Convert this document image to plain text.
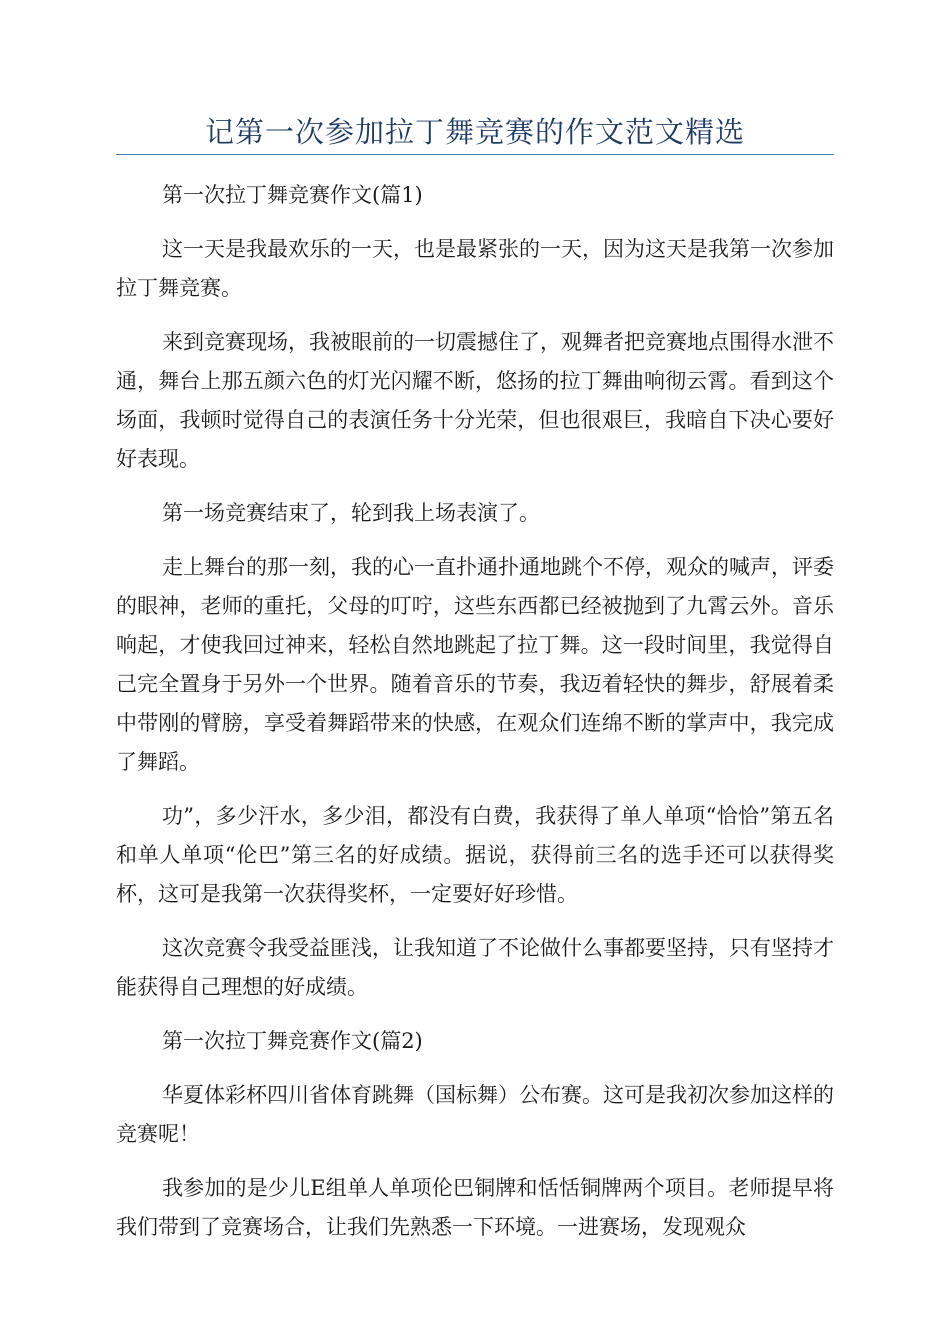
记第一次参加拉丁舞竞赛的作文范文精选

第一次拉丁舞竞赛作文(篇1)

这一天是我最欢乐的一天，也是最紧张的一天，因为这天是我第一次参加拉丁舞竞赛。

来到竞赛现场，我被眼前的一切震撼住了，观舞者把竞赛地点围得水泄不通，舞台上那五颜六色的灯光闪耀不断，悠扬的拉丁舞曲响彻云霄。看到这个场面，我顿时觉得自己的表演任务十分光荣，但也很艰巨，我暗自下决心要好好表现。

第一场竞赛结束了，轮到我上场表演了。

走上舞台的那一刻，我的心一直扑通扑通地跳个不停，观众的喊声，评委的眼神，老师的重托，父母的叮咛，这些东西都已经被抛到了九霄云外。音乐响起，才使我回过神来，轻松自然地跳起了拉丁舞。这一段时间里，我觉得自己完全置身于另外一个世界。随着音乐的节奏，我迈着轻快的舞步，舒展着柔中带刚的臂膀，享受着舞蹈带来的快感，在观众们连绵不断的掌声中，我完成了舞蹈。

功”，多少汗水，多少泪，都没有白费，我获得了单人单项“恰恰”第五名和单人单项“伦巴”第三名的好成绩。据说，获得前三名的选手还可以获得奖杯，这可是我第一次获得奖杯，一定要好好珍惜。

这次竞赛令我受益匪浅，让我知道了不论做什么事都要坚持，只有坚持才能获得自己理想的好成绩。

第一次拉丁舞竞赛作文(篇2)

华夏体彩杯四川省体育跳舞（国标舞）公布赛。这可是我初次参加这样的竞赛呢！

我参加的是少儿E组单人单项伦巴铜牌和恬恬铜牌两个项目。老师提早将我们带到了竞赛场合，让我们先熟悉一下环境。一进赛场，发现观众
